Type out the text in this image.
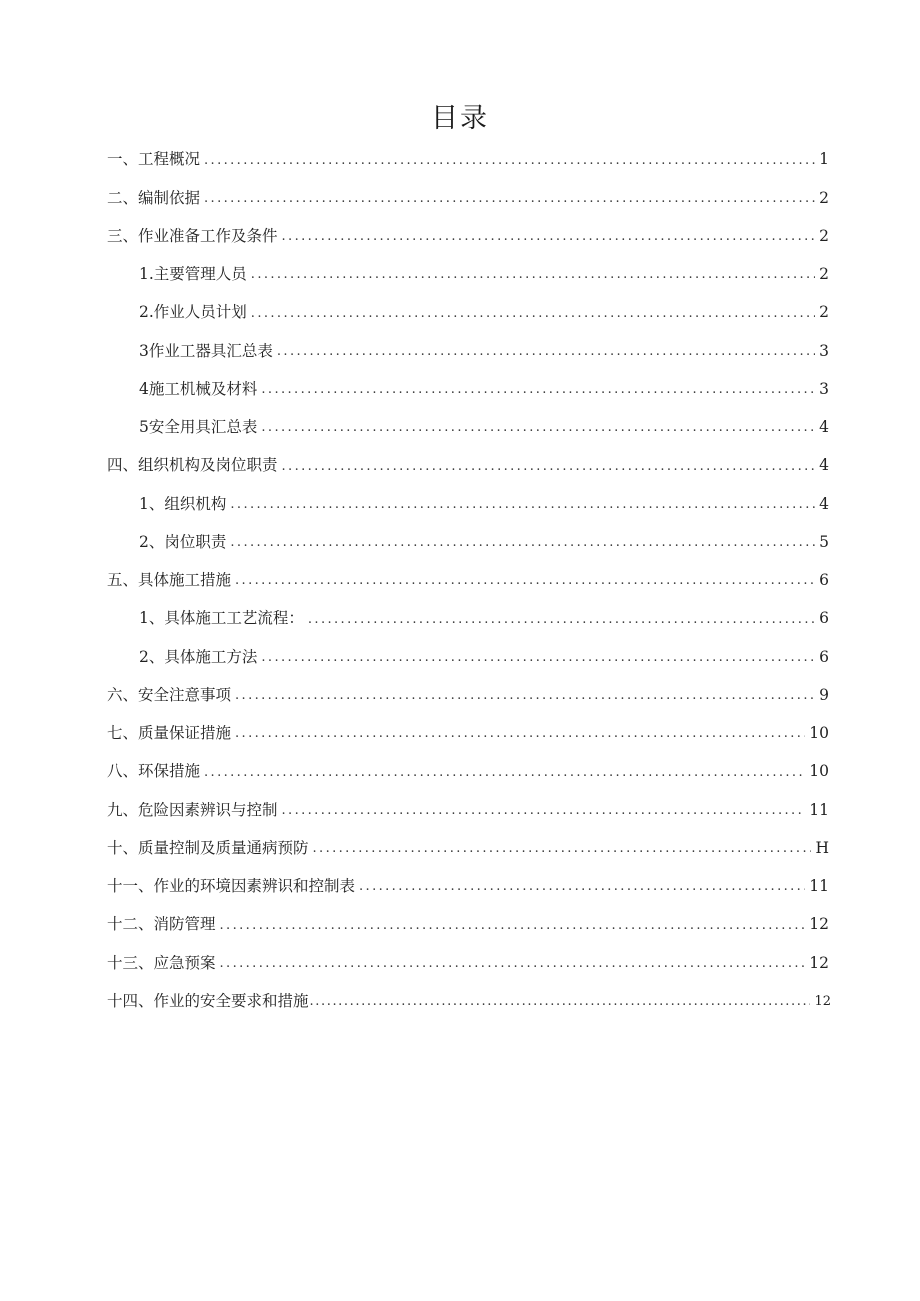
目录
一、工程概况 .....	1
二、编制依据 .....	2
三、作业准备工作及条件 .....	2
1.主要管理人员 .....	2
2.作业人员计划 .....	2
3作业工器具汇总表 .....	3
4施工机械及材料 .....	3
5安全用具汇总表 .....	4
四、组织机构及岗位职责 .....	4
1、组织机构 .....	4
2、岗位职责 .....	5
五、具体施工措施 .....	6
1、具体施工工艺流程： .....	6
2、具体施工方法 .....	6
六、安全注意事项 .....	9
七、质量保证措施 .....	10
八、环保措施 .....	10
九、危险因素辨识与控制 .....	11
十、质量控制及质量通病预防 .....	H
十一、作业的环境因素辨识和控制表 .....	11
十二、消防管理 .....	12
十三、应急预案 .....	12
十四、作业的安全要求和措施 .....	12
